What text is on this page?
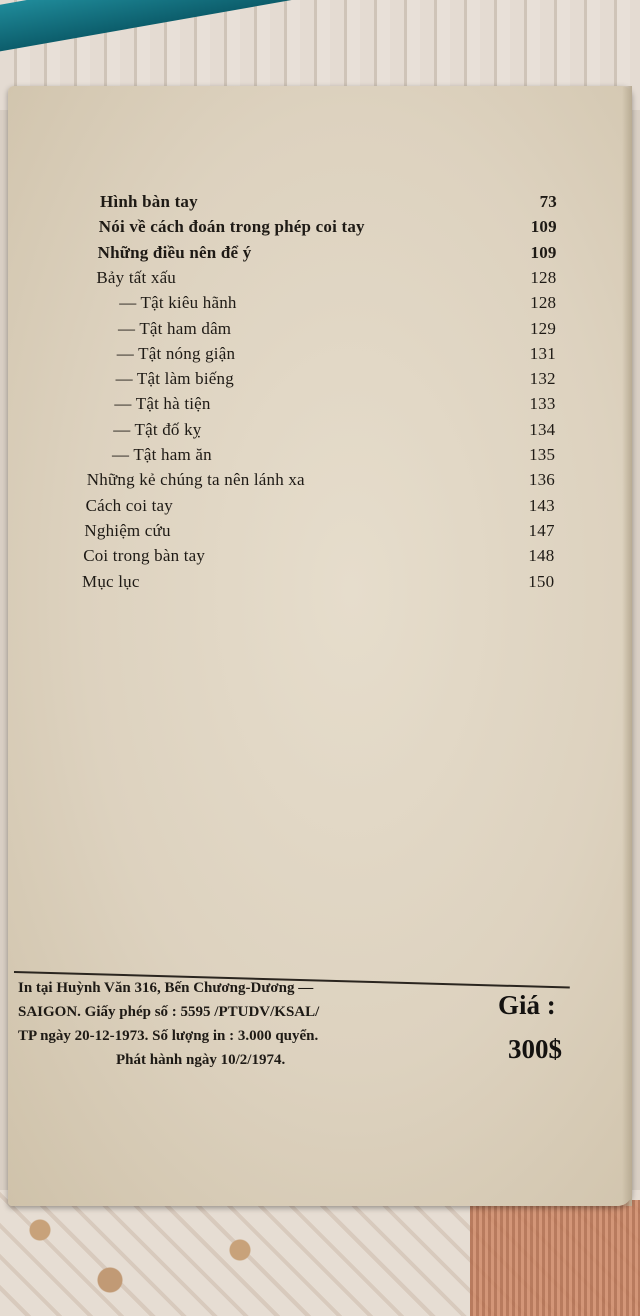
Hình bàn tay	73
Nói về cách đoán trong phép coi tay	109
Những điều nên để ý	109
Bảy tất xấu	128
— Tật kiêu hãnh	128
— Tật ham dâm	129
— Tật nóng giận	131
— Tật làm biếng	132
— Tật hà tiện	133
— Tật đố kỵ	134
— Tật ham ăn	135
Những kẻ chúng ta nên lánh xa	136
Cách coi tay	143
Nghiệm cứu	147
Coi trong bàn tay	148
Mục lục	150
In tại Huỳnh Văn 316, Bến Chương-Dương —
SAIGON. Giấy phép số : 5595 /PTUDV/KSAL/
TP ngày 20-12-1973. Số lượng in : 3.000 quyển.
Phát hành ngày 10/2/1974.
Giá :
300$
